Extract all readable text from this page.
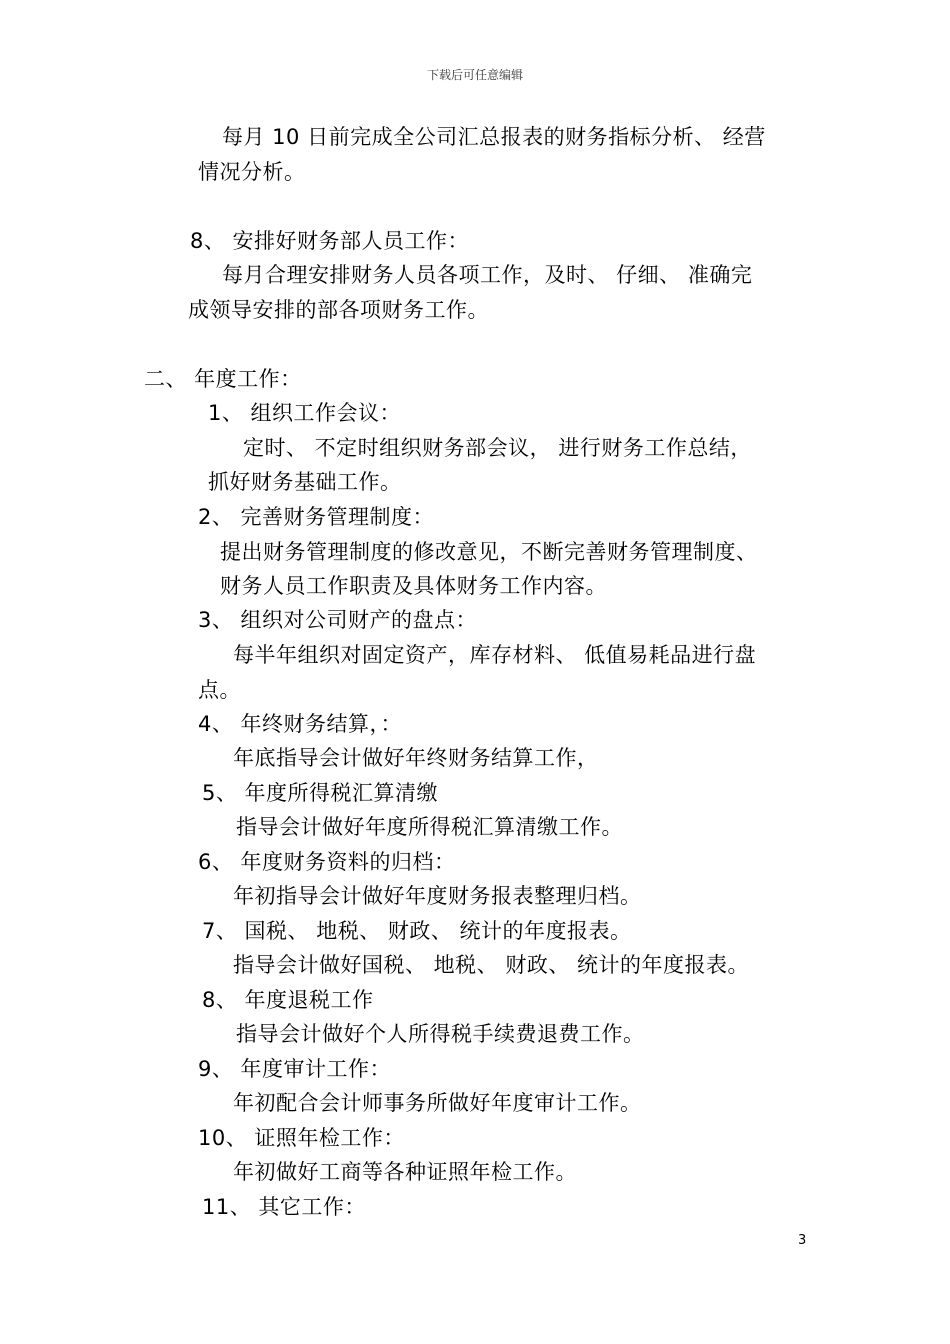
下载后可任意编辑
每月 10 日前完成全公司汇总报表的财务指标分析、 经营
情况分析。
8、 安排好财务部人员工作：
每月合理安排财务人员各项工作，及时、 仔细、 准确完
成领导安排的部各项财务工作。
二、 年度工作：
1、 组织工作会议：
定时、 不定时组织财务部会议， 进行财务工作总结，
抓好财务基础工作。
2、 完善财务管理制度：
提出财务管理制度的修改意见，不断完善财务管理制度、
财务人员工作职责及具体财务工作内容。
3、 组织对公司财产的盘点：
每半年组织对固定资产，库存材料、 低值易耗品进行盘
点。
4、 年终财务结算，：
年底指导会计做好年终财务结算工作，
5、 年度所得税汇算清缴
指导会计做好年度所得税汇算清缴工作。
6、 年度财务资料的归档：
年初指导会计做好年度财务报表整理归档。
7、 国税、 地税、 财政、 统计的年度报表。
指导会计做好国税、 地税、 财政、 统计的年度报表。
8、 年度退税工作
指导会计做好个人所得税手续费退费工作。
9、 年度审计工作：
年初配合会计师事务所做好年度审计工作。
10、 证照年检工作：
年初做好工商等各种证照年检工作。
11、 其它工作：
3
